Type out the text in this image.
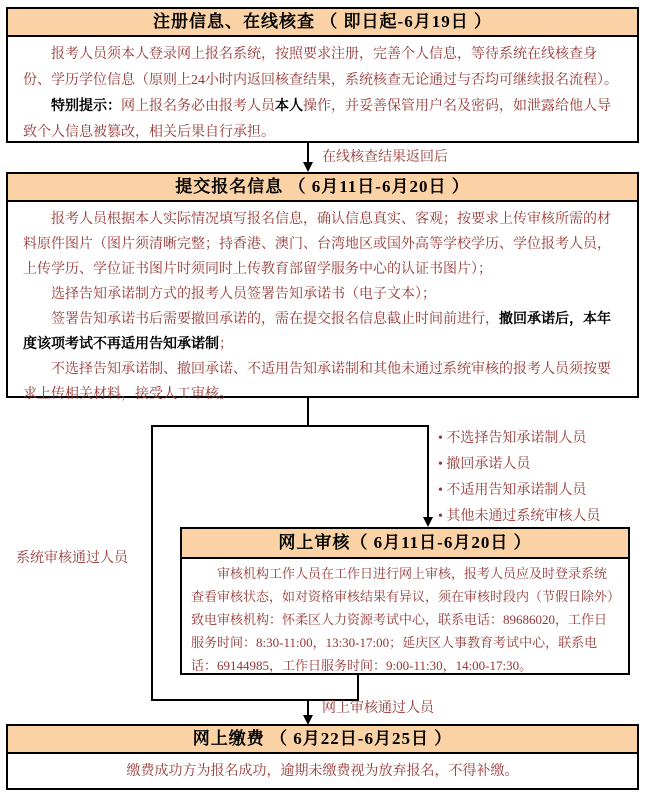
注册信息、在线核查 （ 即日起-6月19日 ）

报考人员须本人登录网上报名系统，按照要求注册，完善个人信息，等待系统在线核查身份、学历学位信息（原则上24小时内返回核查结果，系统核查无论通过与否均可继续报名流程）。

特别提示：网上报名务必由报考人员本人操作，并妥善保管用户名及密码，如泄露给他人导致个人信息被篡改，相关后果自行承担。

在线核查结果返回后
提交报名信息 （ 6月11日-6月20日 ）

报考人员根据本人实际情况填写报名信息，确认信息真实、客观；按要求上传审核所需的材料原件图片（图片须清晰完整；持香港、澳门、台湾地区或国外高等学校学历、学位报考人员，上传学历、学位证书图片时须同时上传教育部留学服务中心的认证书图片）；

选择告知承诺制方式的报考人员签署告知承诺书（电子文本）；

签署告知承诺书后需要撤回承诺的，需在提交报名信息截止时间前进行，撤回承诺后，本年度该项考试不再适用告知承诺制；

不选择告知承诺制、撤回承诺、不适用告知承诺制和其他未通过系统审核的报考人员须按要求上传相关材料，接受人工审核。

• 不选择告知承诺制人员
• 撤回承诺人员
• 不适用告知承诺制人员
• 其他未通过系统审核人员
系统审核通过人员
网上审核（ 6月11日-6月20日 ）

审核机构工作人员在工作日进行网上审核，报考人员应及时登录系统查看审核状态，如对资格审核结果有异议，须在审核时段内（节假日除外）致电审核机构：怀柔区人力资源考试中心，联系电话：89686020，工作日服务时间：8:30-11:00，13:30-17:00；延庆区人事教育考试中心，联系电话：69144985，工作日服务时间：9:00-11:30，14:00-17:30。

网上审核通过人员
网上缴费 （ 6月22日-6月25日 ）
缴费成功方为报名成功，逾期未缴费视为放弃报名，不得补缴。
